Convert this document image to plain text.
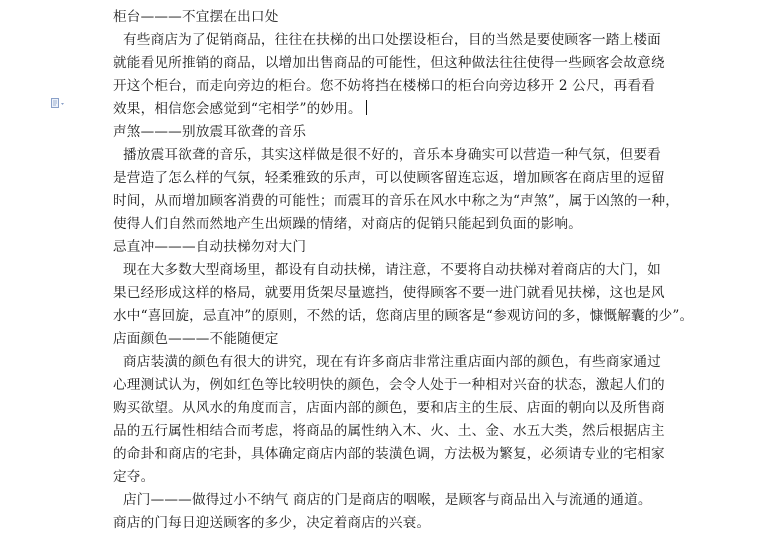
柜台———不宜摆在出口处
有些商店为了促销商品，往往在扶梯的出口处摆设柜台，目的当然是要使顾客一踏上楼面
就能看见所推销的商品，以增加出售商品的可能性，但这种做法往往使得一些顾客会故意绕
开这个柜台，而走向旁边的柜台。您不妨将挡在楼梯口的柜台向旁边移开 2 公尺，再看看
效果，相信您会感觉到“宅相学”的妙用。
声煞———别放震耳欲聋的音乐
播放震耳欲聋的音乐，其实这样做是很不好的，音乐本身确实可以营造一种气氛，但要看
是营造了怎么样的气氛，轻柔雅致的乐声，可以使顾客留连忘返，增加顾客在商店里的逗留
时间，从而增加顾客消费的可能性；而震耳的音乐在风水中称之为“声煞”，属于凶煞的一种，
使得人们自然而然地产生出烦躁的情绪，对商店的促销只能起到负面的影响。
忌直冲———自动扶梯勿对大门
现在大多数大型商场里，都设有自动扶梯，请注意，不要将自动扶梯对着商店的大门，如
果已经形成这样的格局，就要用货架尽量遮挡，使得顾客不要一进门就看见扶梯，这也是风
水中“喜回旋，忌直冲”的原则，不然的话，您商店里的顾客是“参观访问的多，慷慨解囊的少”。
店面颜色———不能随便定
商店装潢的颜色有很大的讲究，现在有许多商店非常注重店面内部的颜色，有些商家通过
心理测试认为，例如红色等比较明快的颜色，会令人处于一种相对兴奋的状态，激起人们的
购买欲望。从风水的角度而言，店面内部的颜色，要和店主的生辰、店面的朝向以及所售商
品的五行属性相结合而考虑，将商品的属性纳入木、火、土、金、水五大类，然后根据店主
的命卦和商店的宅卦，具体确定商店内部的装潢色调，方法极为繁复，必须请专业的宅相家
定夺。
店门———做得过小不纳气 商店的门是商店的咽喉，是顾客与商品出入与流通的通道。
商店的门每日迎送顾客的多少，决定着商店的兴衰。
